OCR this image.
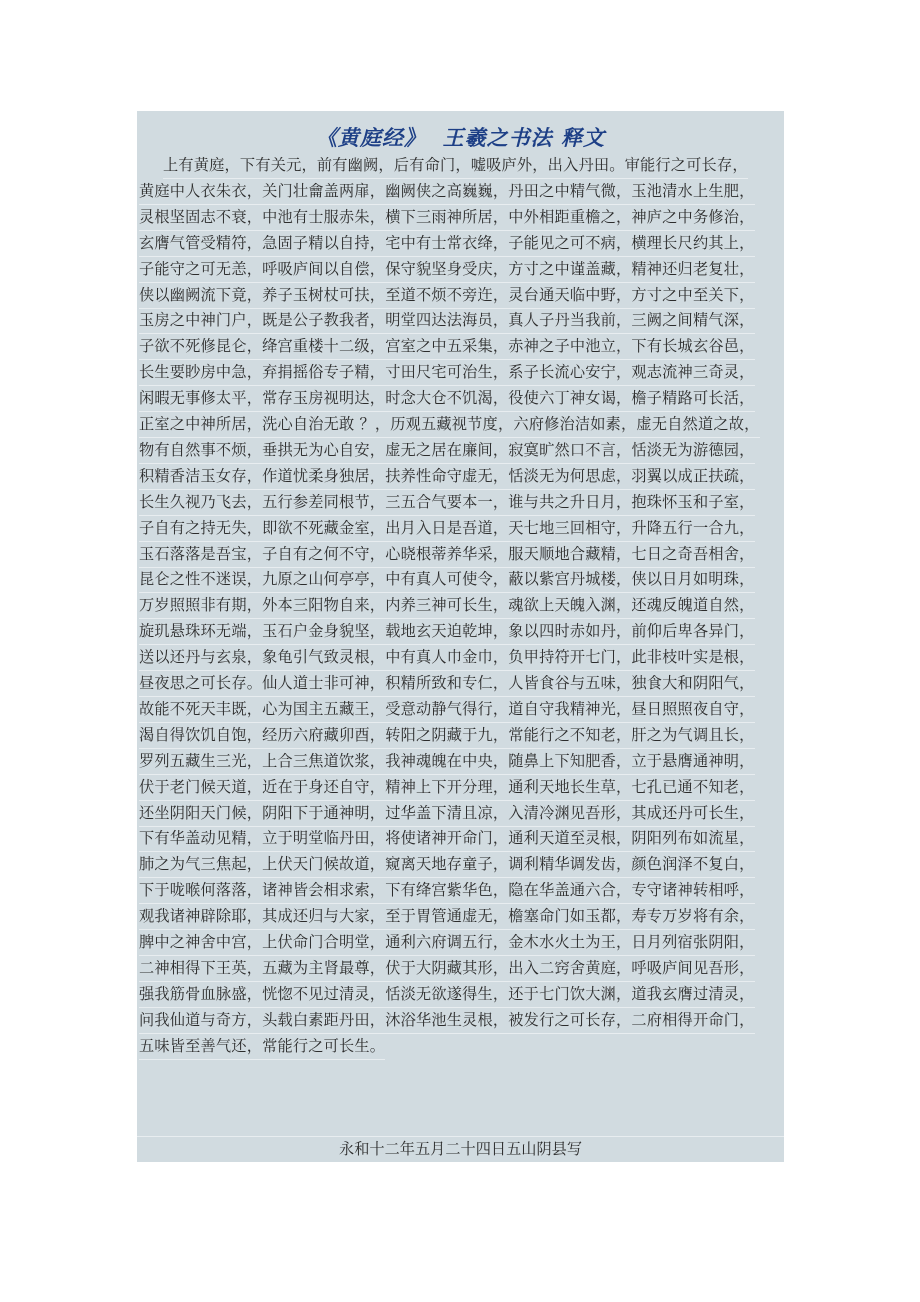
《黄庭经》  王羲之书法 释文
上有黄庭，下有关元，前有幽阙，后有命门，嘘吸庐外，出入丹田。审能行之可长存，
黄庭中人衣朱衣，关门壮龠盖两扉，幽阙侠之高巍巍，丹田之中精气微，玉池清水上生肥，
灵根坚固志不衰，中池有士服赤朱，横下三雨神所居，中外相距重檐之，神庐之中务修治，
玄膺气管受精符，急固子精以自持，宅中有士常衣绛，子能见之可不病，横理长尺约其上，
子能守之可无恙，呼吸庐间以自偿，保守貌坚身受庆，方寸之中谨盖藏，精神还归老复壮，
侠以幽阙流下竟，养子玉树杖可扶，至道不烦不旁迕，灵台通天临中野，方寸之中至关下，
玉房之中神门户，既是公子教我者，明堂四达法海员，真人子丹当我前，三阙之间精气深，
子欲不死修昆仑，绛宫重楼十二级，宫室之中五采集，赤神之子中池立，下有长城玄谷邑，
长生要眇房中急，弃捐摇俗专子精，寸田尺宅可治生，系子长流心安宁，观志流神三奇灵，
闲暇无事修太平，常存玉房视明达，时念大仓不饥渴，役使六丁神女谒，檐子精路可长活，
正室之中神所居，洗心自治无敢 ？，历观五藏视节度，六府修治洁如素，虚无自然道之故，
物有自然事不烦，垂拱无为心自安，虚无之居在廉间，寂寞旷然口不言，恬淡无为游德园，
积精香洁玉女存，作道忧柔身独居，扶养性命守虚无，恬淡无为何思虑，羽翼以成正扶疏，
长生久视乃飞去，五行参差同根节，三五合气要本一，谁与共之升日月，抱珠怀玉和子室，
子自有之持无失，即欲不死藏金室，出月入日是吾道，天七地三回相守，升降五行一合九，
玉石落落是吾宝，子自有之何不守，心晓根蒂养华采，服天顺地合藏精，七日之奇吾相舍，
昆仑之性不迷误，九原之山何亭亭，中有真人可使令，蔽以紫宫丹城楼，侠以日月如明珠，
万岁照照非有期，外本三阳物自来，内养三神可长生，魂欲上天魄入渊，还魂反魄道自然，
旋玑悬珠环无端，玉石户金身貌坚，载地玄天迫乾坤，象以四时赤如丹，前仰后卑各异门，
送以还丹与玄泉，象龟引气致灵根，中有真人巾金巾，负甲持符开七门，此非枝叶实是根，
昼夜思之可长存。仙人道士非可神，积精所致和专仁，人皆食谷与五味，独食大和阴阳气，
故能不死天丰既，心为国主五藏王，受意动静气得行，道自守我精神光，昼日照照夜自守，
渴自得饮饥自饱，经历六府藏卯酉，转阳之阴藏于九，常能行之不知老，肝之为气调且长，
罗列五藏生三光，上合三焦道饮浆，我神魂魄在中央，随鼻上下知肥香，立于悬膺通神明，
伏于老门候天道，近在于身还自守，精神上下开分理，通利天地长生草，七孔已通不知老，
还坐阴阳天门候，阴阳下于通神明，过华盖下清且凉，入清冷渊见吾形，其成还丹可长生，
下有华盖动见精，立于明堂临丹田，将使诸神开命门，通利天道至灵根，阴阳列布如流星，
肺之为气三焦起，上伏天门候故道，窥离天地存童子，调利精华调发齿，颜色润泽不复白，
下于咙喉何落落，诸神皆会相求索，下有绛宫紫华色，隐在华盖通六合，专守诸神转相呼，
观我诸神辟除耶，其成还归与大家，至于胃管通虚无，檐塞命门如玉都，寿专万岁将有余，
脾中之神舍中宫，上伏命门合明堂，通利六府调五行，金木水火土为王，日月列宿张阴阳，
二神相得下王英，五藏为主肾最尊，伏于大阴藏其形，出入二窍舍黄庭，呼吸庐间见吾形，
强我筋骨血脉盛，恍惚不见过清灵，恬淡无欲遂得生，还于七门饮大渊，道我玄膺过清灵，
问我仙道与奇方，头载白素距丹田，沐浴华池生灵根，被发行之可长存，二府相得开命门，
五味皆至善气还，常能行之可长生。
永和十二年五月二十四日五山阴县写
